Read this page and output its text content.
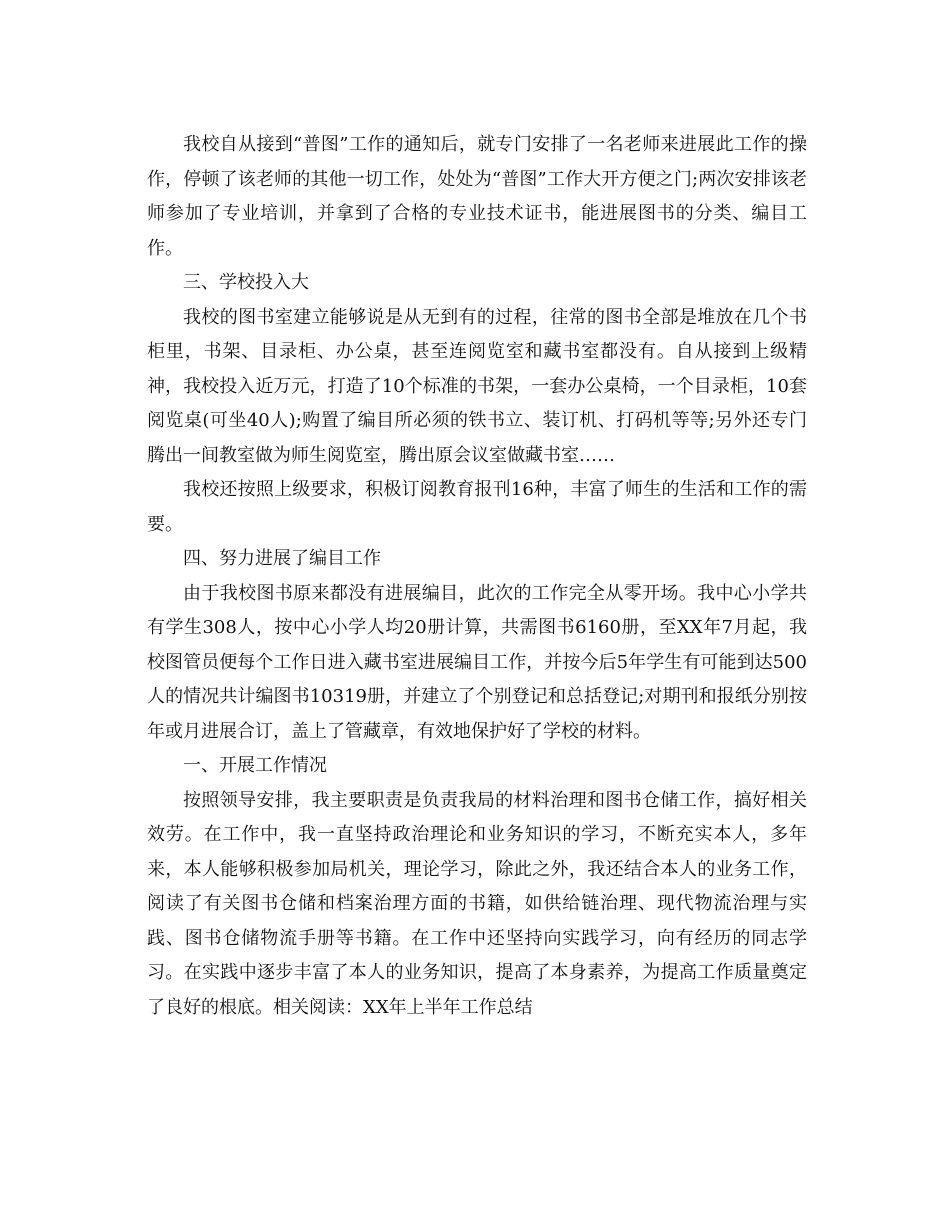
我校自从接到“普图”工作的通知后，就专门安排了一名老师来进展此工作的操作，停顿了该老师的其他一切工作，处处为“普图”工作大开方便之门;两次安排该老师参加了专业培训，并拿到了合格的专业技术证书，能进展图书的分类、编目工作。

三、学校投入大

我校的图书室建立能够说是从无到有的过程，往常的图书全部是堆放在几个书柜里，书架、目录柜、办公桌，甚至连阅览室和藏书室都没有。自从接到上级精神，我校投入近万元，打造了10个标准的书架，一套办公桌椅，一个目录柜，10套阅览桌(可坐40人);购置了编目所必须的铁书立、装订机、打码机等等;另外还专门腾出一间教室做为师生阅览室，腾出原会议室做藏书室……

我校还按照上级要求，积极订阅教育报刊16种，丰富了师生的生活和工作的需要。

四、努力进展了编目工作

由于我校图书原来都没有进展编目，此次的工作完全从零开场。我中心小学共有学生308人，按中心小学人均20册计算，共需图书6160册，至XX年7月起，我校图管员便每个工作日进入藏书室进展编目工作，并按今后5年学生有可能到达500人的情况共计编图书10319册，并建立了个别登记和总括登记;对期刊和报纸分别按年或月进展合订，盖上了管藏章，有效地保护好了学校的材料。

一、开展工作情况

按照领导安排，我主要职责是负责我局的材料治理和图书仓储工作，搞好相关效劳。在工作中，我一直坚持政治理论和业务知识的学习，不断充实本人，多年来，本人能够积极参加局机关，理论学习，除此之外，我还结合本人的业务工作，阅读了有关图书仓储和档案治理方面的书籍，如供给链治理、现代物流治理与实践、图书仓储物流手册等书籍。在工作中还坚持向实践学习，向有经历的同志学习。在实践中逐步丰富了本人的业务知识，提高了本身素养，为提高工作质量奠定了良好的根底。相关阅读：XX年上半年工作总结
